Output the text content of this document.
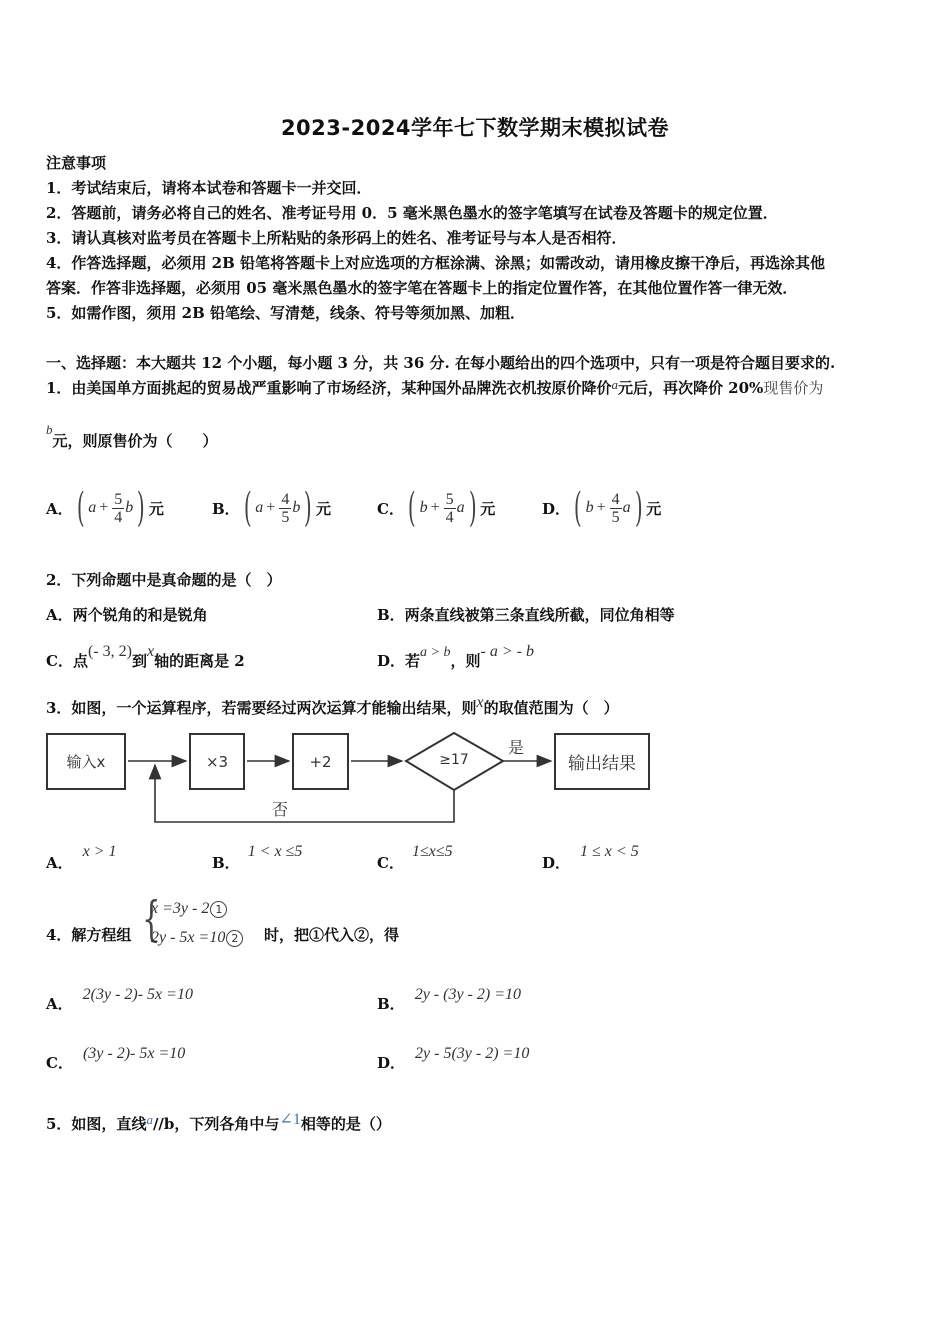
2023-2024学年七下数学期末模拟试卷
注意事项
1．考试结束后，请将本试卷和答题卡一并交回．
2．答题前，请务必将自己的姓名、准考证号用 0．5 毫米黑色墨水的签字笔填写在试卷及答题卡的规定位置．
3．请认真核对监考员在答题卡上所粘贴的条形码上的姓名、准考证号与本人是否相符．
4．作答选择题，必须用 2B 铅笔将答题卡上对应选项的方框涂满、涂黑；如需改动，请用橡皮擦干净后，再选涂其他
答案．作答非选择题，必须用 05 毫米黑色墨水的签字笔在答题卡上的指定位置作答，在其他位置作答一律无效．
5．如需作图，须用 2B 铅笔绘、写清楚，线条、符号等须加黑、加粗．
一、选择题：本大题共 12 个小题，每小题 3 分，共 36 分. 在每小题给出的四个选项中，只有一项是符合题目要求的.
1．由美国单方面挑起的贸易战严重影响了市场经济，某种国外品牌洗衣机按原价降价a元后，再次降价 20%现售价为
b元，则原售价为（　　）
A． ( $a + \frac{5}{4}$ b ) 元	B． ( $a + \frac{4}{5}$ b ) 元	C． ( $b + \frac{5}{4}$ a ) 元	D． ( $b + \frac{4}{5}$ a ) 元
2．下列命题中是真命题的是（　）
A．两个锐角的和是锐角	B．两条直线被第三条直线所截，同位角相等
C．点(- 3, 2)到x轴的距离是 2	D．若a > b，则- a > - b
3．如图，一个运算程序，若需要经过两次运算才能输出结果，则x的取值范围为（　）
输入x	×3	+2	输出结果
≥17
是
否
A．x > 1
B．1 < x ≤5
C．1≤x≤5
D．1 ≤ x < 5
4．解方程组 {
x =3y - 2 1
2y - 5x =10 2	时，把①代入②，得
A．2(3y - 2)- 5x =10
B．2y - (3y - 2) =10
C．(3y - 2)- 5x =10
D．2y - 5(3y - 2) =10
5．如图，直线a//b，下列各角中与∠1相等的是（）
